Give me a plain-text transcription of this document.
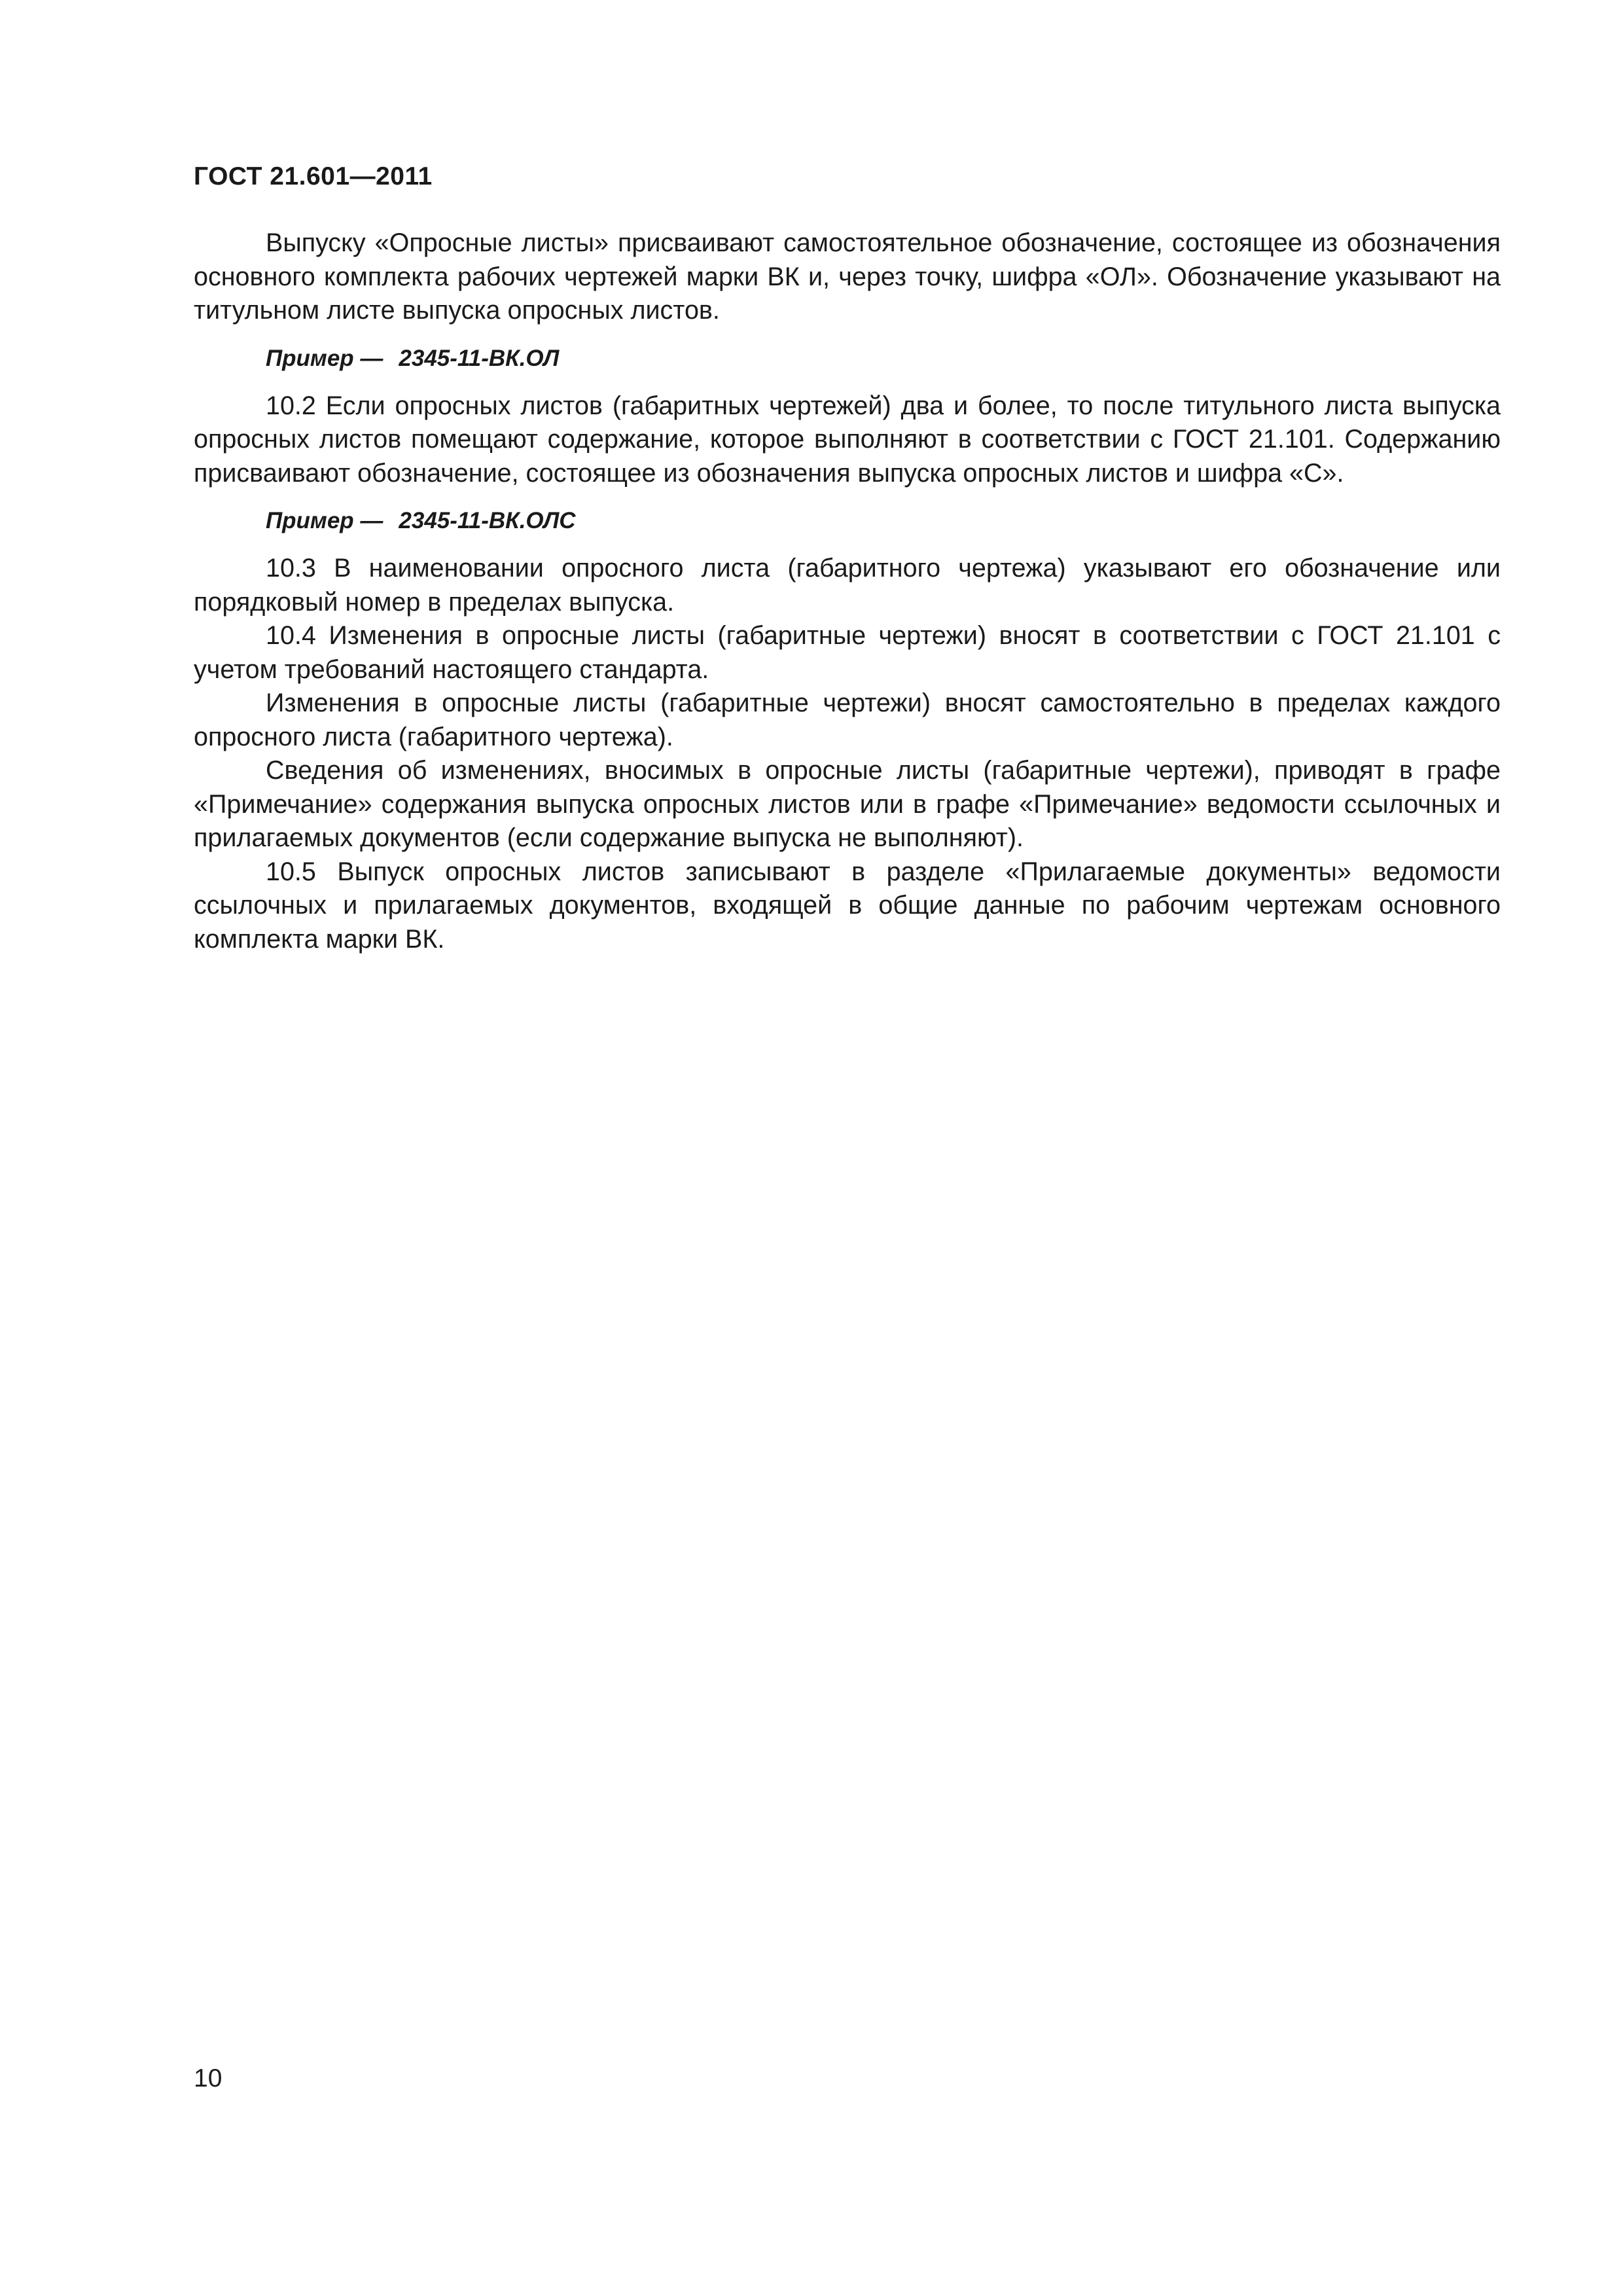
ГОСТ 21.601—2011

Выпуску «Опросные листы» присваивают самостоятельное обозначение, состоящее из обозначения основного комплекта рабочих чертежей марки ВК и, через точку, шифра «ОЛ». Обозначение указывают на титульном листе выпуска опросных листов.

Пример — 2345-11-ВК.ОЛ

10.2 Если опросных листов (габаритных чертежей) два и более, то после титульного листа выпуска опросных листов помещают содержание, которое выполняют в соответствии с ГОСТ 21.101. Содержанию присваивают обозначение, состоящее из обозначения выпуска опросных листов и шифра «С».

Пример — 2345-11-ВК.ОЛС

10.3 В наименовании опросного листа (габаритного чертежа) указывают его обозначение или порядковый номер в пределах выпуска.

10.4 Изменения в опросные листы (габаритные чертежи) вносят в соответствии с ГОСТ 21.101 с учетом требований настоящего стандарта.

Изменения в опросные листы (габаритные чертежи) вносят самостоятельно в пределах каждого опросного листа (габаритного чертежа).

Сведения об изменениях, вносимых в опросные листы (габаритные чертежи), приводят в графе «Примечание» содержания выпуска опросных листов или в графе «Примечание» ведомости ссылочных и прилагаемых документов (если содержание выпуска не выполняют).

10.5 Выпуск опросных листов записывают в разделе «Прилагаемые документы» ведомости ссылочных и прилагаемых документов, входящей в общие данные по рабочим чертежам основного комплекта марки ВК.

10
